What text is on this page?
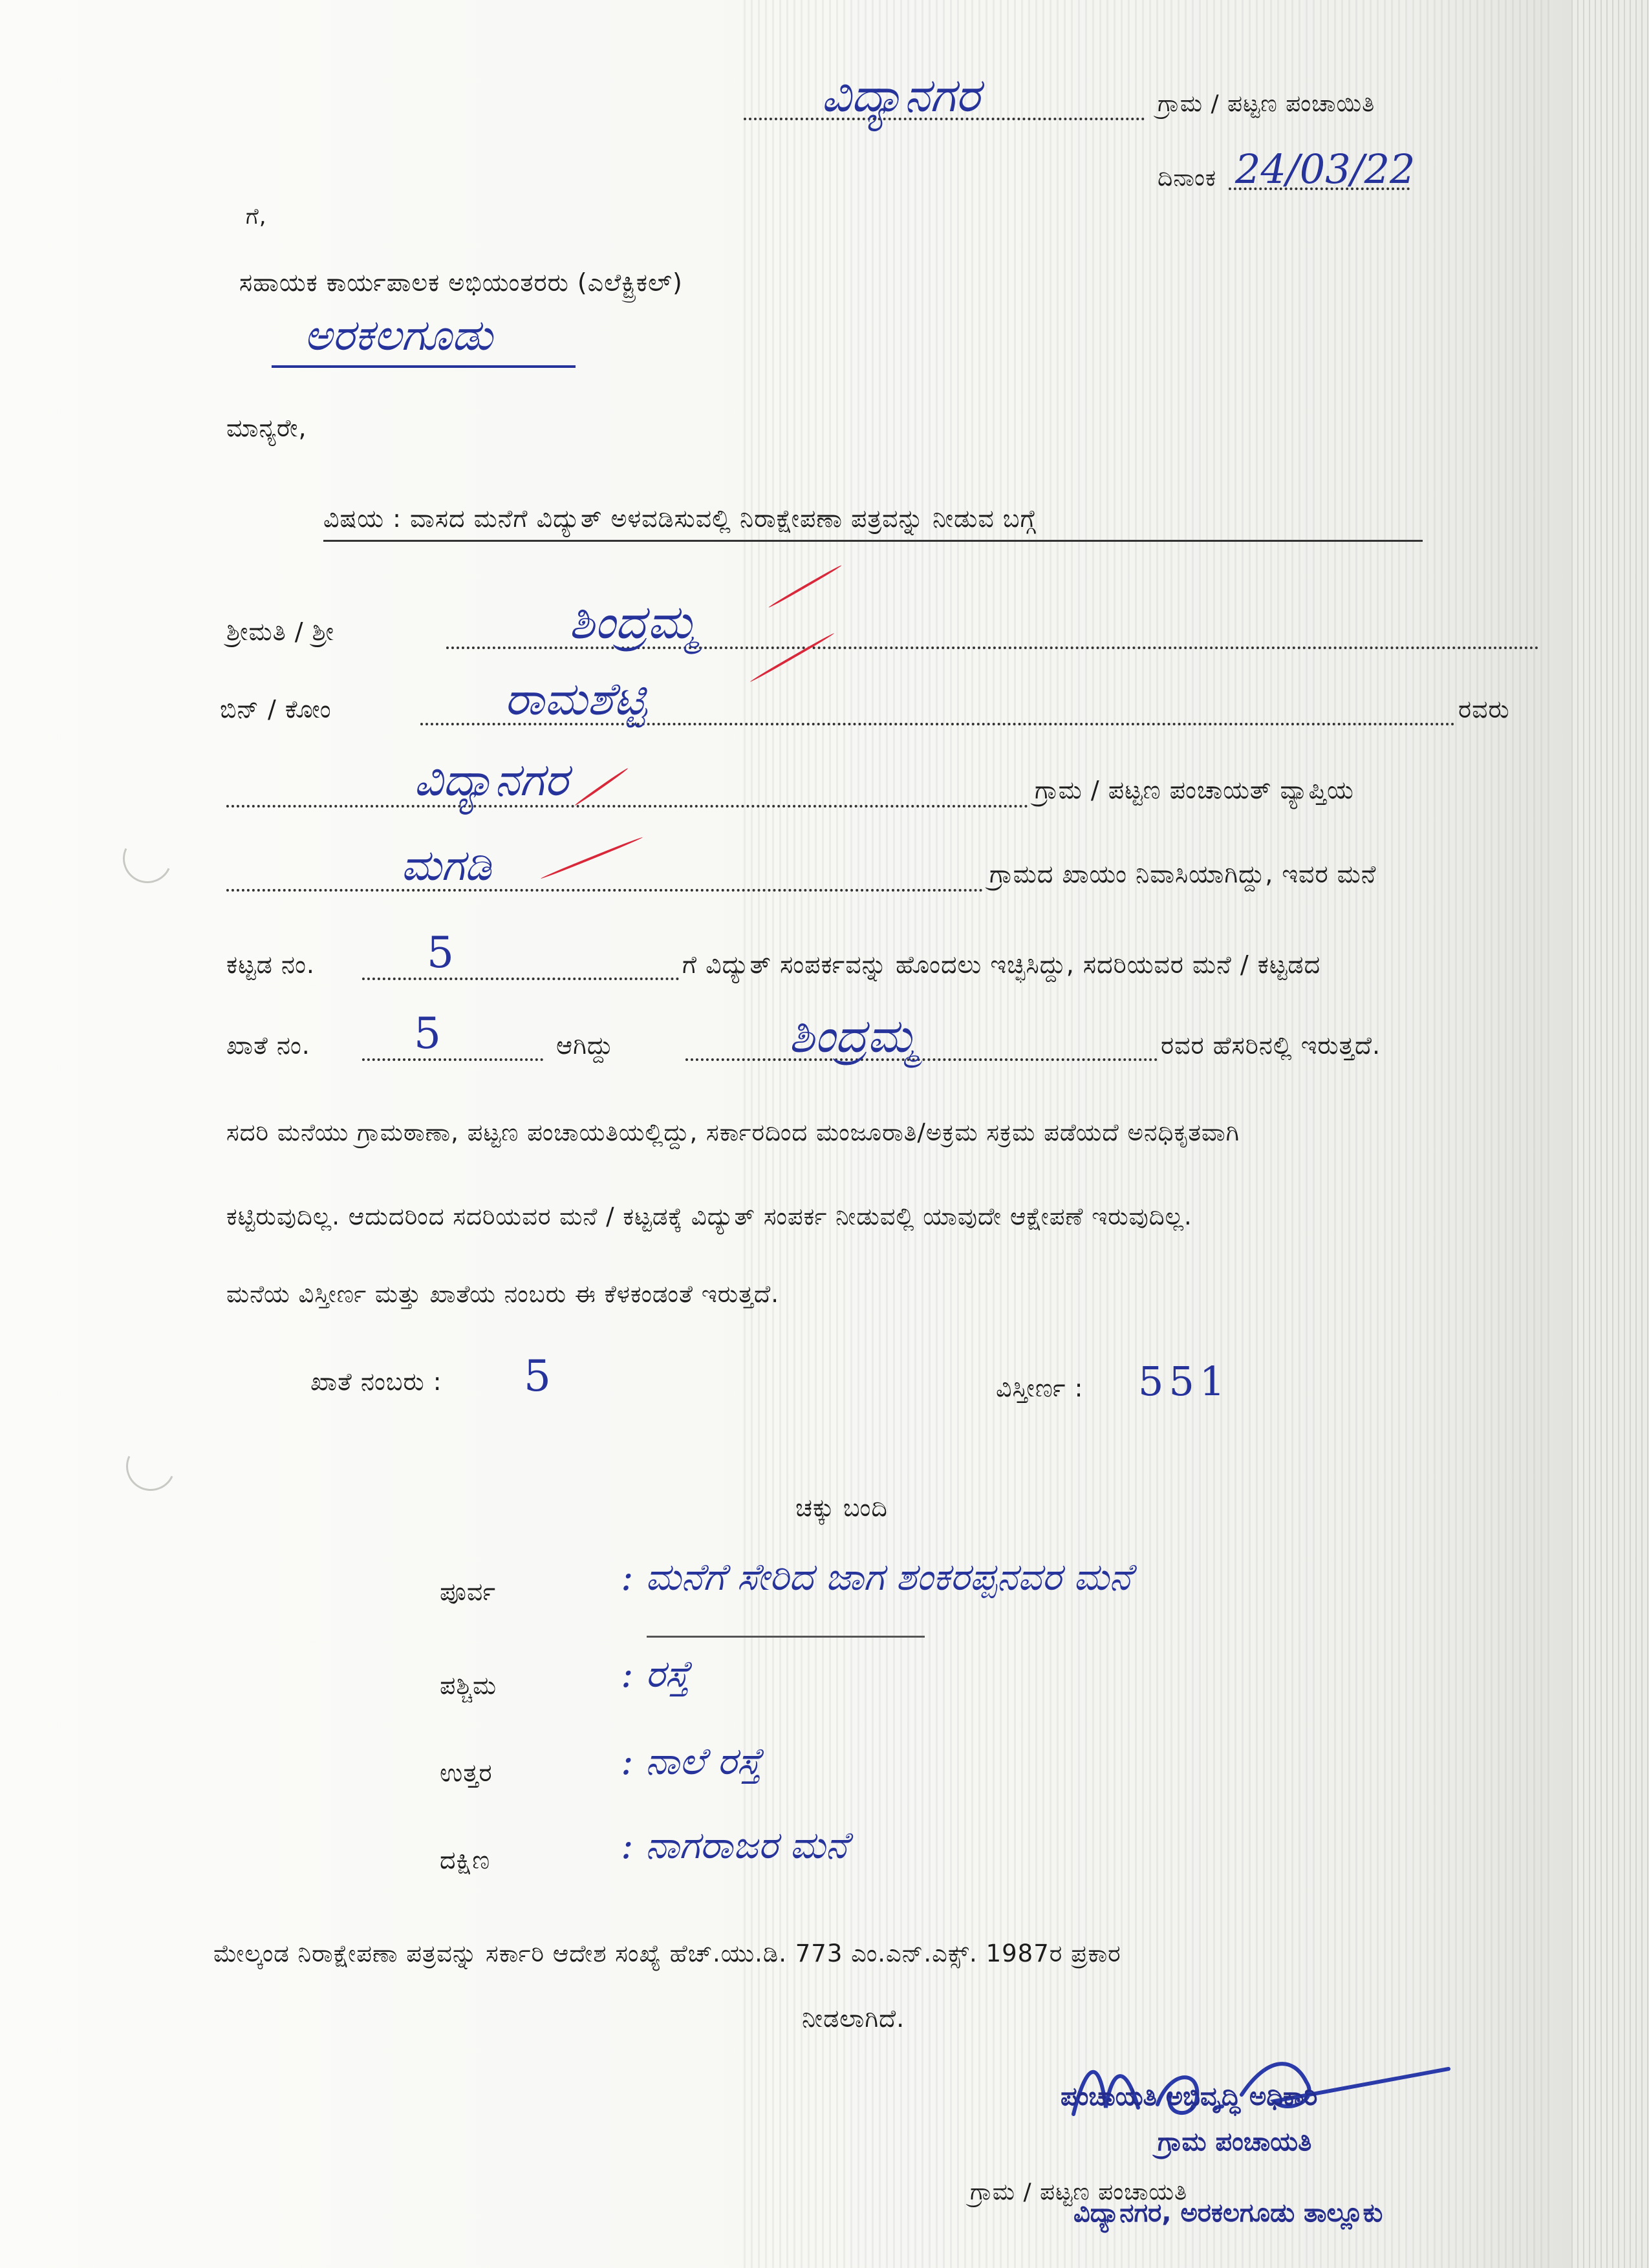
ವಿದ್ಯಾನಗರ	ಗ್ರಾಮ / ಪಟ್ಟಣ ಪಂಚಾಯಿತಿ
ದಿನಾಂಕ 24/03/22
ಗೆ,
ಸಹಾಯಕ ಕಾರ್ಯಪಾಲಕ ಅಭಿಯಂತರರು (ಎಲೆಕ್ಟ್ರಿಕಲ್)
ಅರಕಲಗೂಡು
ಮಾನ್ಯರೇ,
ವಿಷಯ : ವಾಸದ ಮನೆಗೆ ವಿದ್ಯುತ್ ಅಳವಡಿಸುವಲ್ಲಿ ನಿರಾಕ್ಷೇಪಣಾ ಪತ್ರವನ್ನು ನೀಡುವ ಬಗ್ಗೆ
ಶ್ರೀಮತಿ / ಶ್ರೀ	ಶಿಂದ್ರಮ್ಮ
ಬಿನ್ / ಕೋಂ	ರಾಮಶೆಟ್ಟಿ	ರವರು
ವಿದ್ಯಾನಗರ	ಗ್ರಾಮ / ಪಟ್ಟಣ ಪಂಚಾಯತ್ ವ್ಯಾಪ್ತಿಯ
ಮಗಡಿ	ಗ್ರಾಮದ ಖಾಯಂ ನಿವಾಸಿಯಾಗಿದ್ದು, ಇವರ ಮನೆ
ಕಟ್ಟಡ ನಂ.	5	ಗೆ ವಿದ್ಯುತ್ ಸಂಪರ್ಕವನ್ನು ಹೊಂದಲು ಇಚ್ಛಿಸಿದ್ದು, ಸದರಿಯವರ ಮನೆ / ಕಟ್ಟಡದ
ಖಾತೆ ನಂ. 5	ಆಗಿದ್ದು	ಶಿಂದ್ರಮ್ಮ	ರವರ ಹೆಸರಿನಲ್ಲಿ ಇರುತ್ತದೆ.
ಸದರಿ ಮನೆಯು ಗ್ರಾಮಠಾಣಾ, ಪಟ್ಟಣ ಪಂಚಾಯತಿಯಲ್ಲಿದ್ದು, ಸರ್ಕಾರದಿಂದ ಮಂಜೂರಾತಿ/ಅಕ್ರಮ ಸಕ್ರಮ ಪಡೆಯದೆ ಅನಧಿಕೃತವಾಗಿ
ಕಟ್ಟಿರುವುದಿಲ್ಲ. ಆದುದರಿಂದ ಸದರಿಯವರ ಮನೆ / ಕಟ್ಟಡಕ್ಕೆ ವಿದ್ಯುತ್ ಸಂಪರ್ಕ ನೀಡುವಲ್ಲಿ ಯಾವುದೇ ಆಕ್ಷೇಪಣೆ ಇರುವುದಿಲ್ಲ.
ಮನೆಯ ವಿಸ್ತೀರ್ಣ ಮತ್ತು ಖಾತೆಯ ನಂಬರು ಈ ಕೆಳಕಂಡಂತೆ ಇರುತ್ತದೆ.
ಖಾತೆ ನಂಬರು : 5	ವಿಸ್ತೀರ್ಣ : 551
ಚಕ್ಕು ಬಂದಿ
ಪೂರ್ವ	: ಮನೆಗೆ ಸೇರಿದ ಜಾಗ ಶಂಕರಪ್ಪನವರ ಮನೆ
ಪಶ್ಚಿಮ	: ರಸ್ತೆ
ಉತ್ತರ	: ನಾಲೆ ರಸ್ತೆ
ದಕ್ಷಿಣ	: ನಾಗರಾಜರ ಮನೆ
ಮೇಲ್ಕಂಡ ನಿರಾಕ್ಷೇಪಣಾ ಪತ್ರವನ್ನು ಸರ್ಕಾರಿ ಆದೇಶ ಸಂಖ್ಯೆ ಹೆಚ್.ಯು.ಡಿ. 773 ಎಂ.ಎನ್.ಎಕ್ಸ್. 1987ರ ಪ್ರಕಾರ
ನೀಡಲಾಗಿದೆ.
ಪಂಚಾಯತಿ ಅಭಿವೃದ್ಧಿ ಅಧಿಕಾರಿ
ಗ್ರಾಮ ಪಂಚಾಯತಿ
ಗ್ರಾಮ / ಪಟ್ಟಣ ಪಂಚಾಯತಿ
ವಿದ್ಯಾನಗರ, ಅರಕಲಗೂಡು ತಾಲ್ಲೂಕು
